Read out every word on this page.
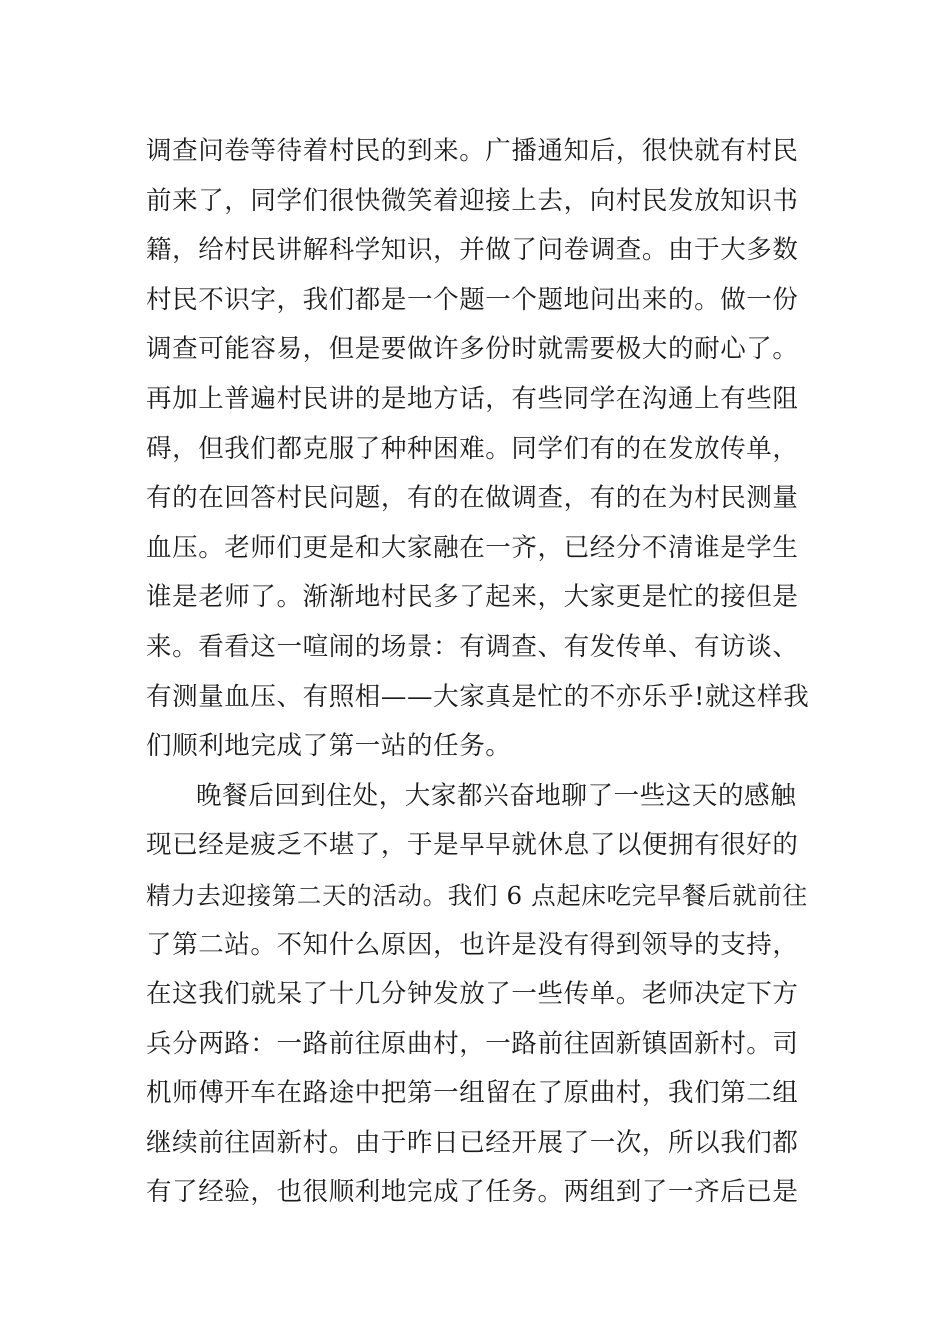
调查问卷等待着村民的到来。广播通知后，很快就有村民
前来了，同学们很快微笑着迎接上去，向村民发放知识书
籍，给村民讲解科学知识，并做了问卷调查。由于大多数
村民不识字，我们都是一个题一个题地问出来的。做一份
调查可能容易，但是要做许多份时就需要极大的耐心了。
再加上普遍村民讲的是地方话，有些同学在沟通上有些阻
碍，但我们都克服了种种困难。同学们有的在发放传单，
有的在回答村民问题，有的在做调查，有的在为村民测量
血压。老师们更是和大家融在一齐，已经分不清谁是学生
谁是老师了。渐渐地村民多了起来，大家更是忙的接但是
来。看看这一喧闹的场景：有调查、有发传单、有访谈、
有测量血压、有照相——大家真是忙的不亦乐乎!就这样我
们顺利地完成了第一站的任务。
晚餐后回到住处，大家都兴奋地聊了一些这天的感触
现已经是疲乏不堪了，于是早早就休息了以便拥有很好的
精力去迎接第二天的活动。我们 6 点起床吃完早餐后就前往
了第二站。不知什么原因，也许是没有得到领导的支持，
在这我们就呆了十几分钟发放了一些传单。老师决定下方
兵分两路：一路前往原曲村，一路前往固新镇固新村。司
机师傅开车在路途中把第一组留在了原曲村，我们第二组
继续前往固新村。由于昨日已经开展了一次，所以我们都
有了经验，也很顺利地完成了任务。两组到了一齐后已是
